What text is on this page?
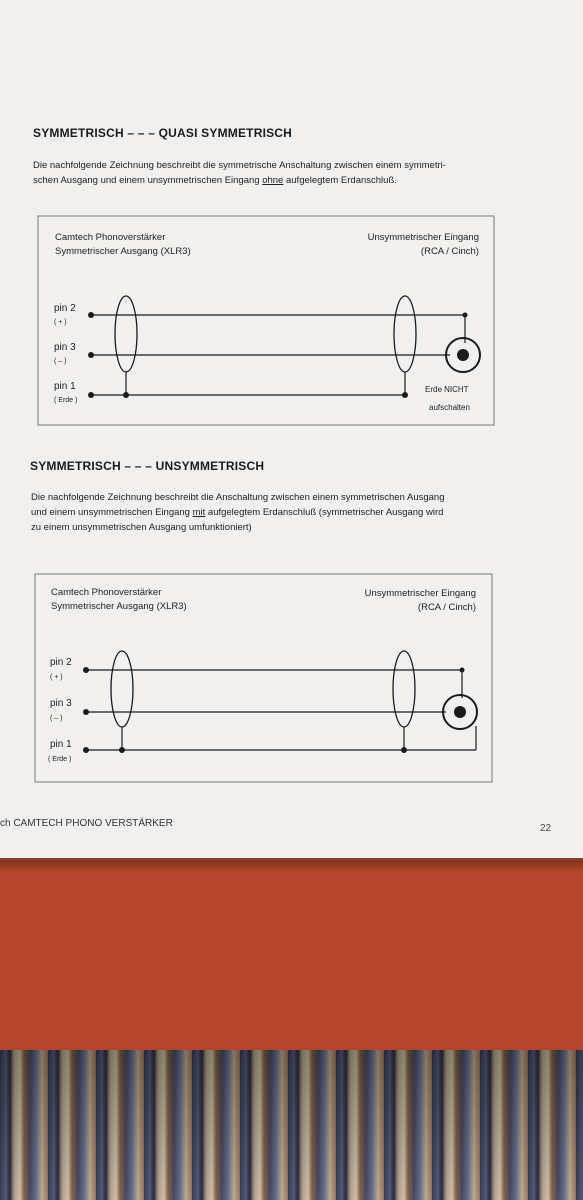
SYMMETRISCH – – – QUASI SYMMETRISCH

Die nachfolgende Zeichnung beschreibt die symmetrische Anschaltung zwischen einem symmetri-
schen Ausgang und einem unsymmetrischen Eingang ohne aufgelegtem Erdanschluß.

Camtech Phonoverstärker
Symmetrischer Ausgang (XLR3)
Unsymmetrischer Eingang
(RCA / Cinch)
pin 2
( + )
pin 3
( – )
pin 1
( Erde )
Erde NICHT
aufschalten
SYMMETRISCH – – – UNSYMMETRISCH

Die nachfolgende Zeichnung beschreibt die Anschaltung zwischen einem symmetrischen Ausgang
und einem unsymmetrischen Eingang mit aufgelegtem Erdanschluß (symmetrischer Ausgang wird
zu einem unsymmetrischen Ausgang umfunktioniert)

Camtech Phonoverstärker
Symmetrischer Ausgang (XLR3)
Unsymmetrischer Eingang
(RCA / Cinch)
pin 2
( + )
pin 3
( – )
pin 1
( Erde )
ch CAMTECH PHONO VERSTÄRKER	22
